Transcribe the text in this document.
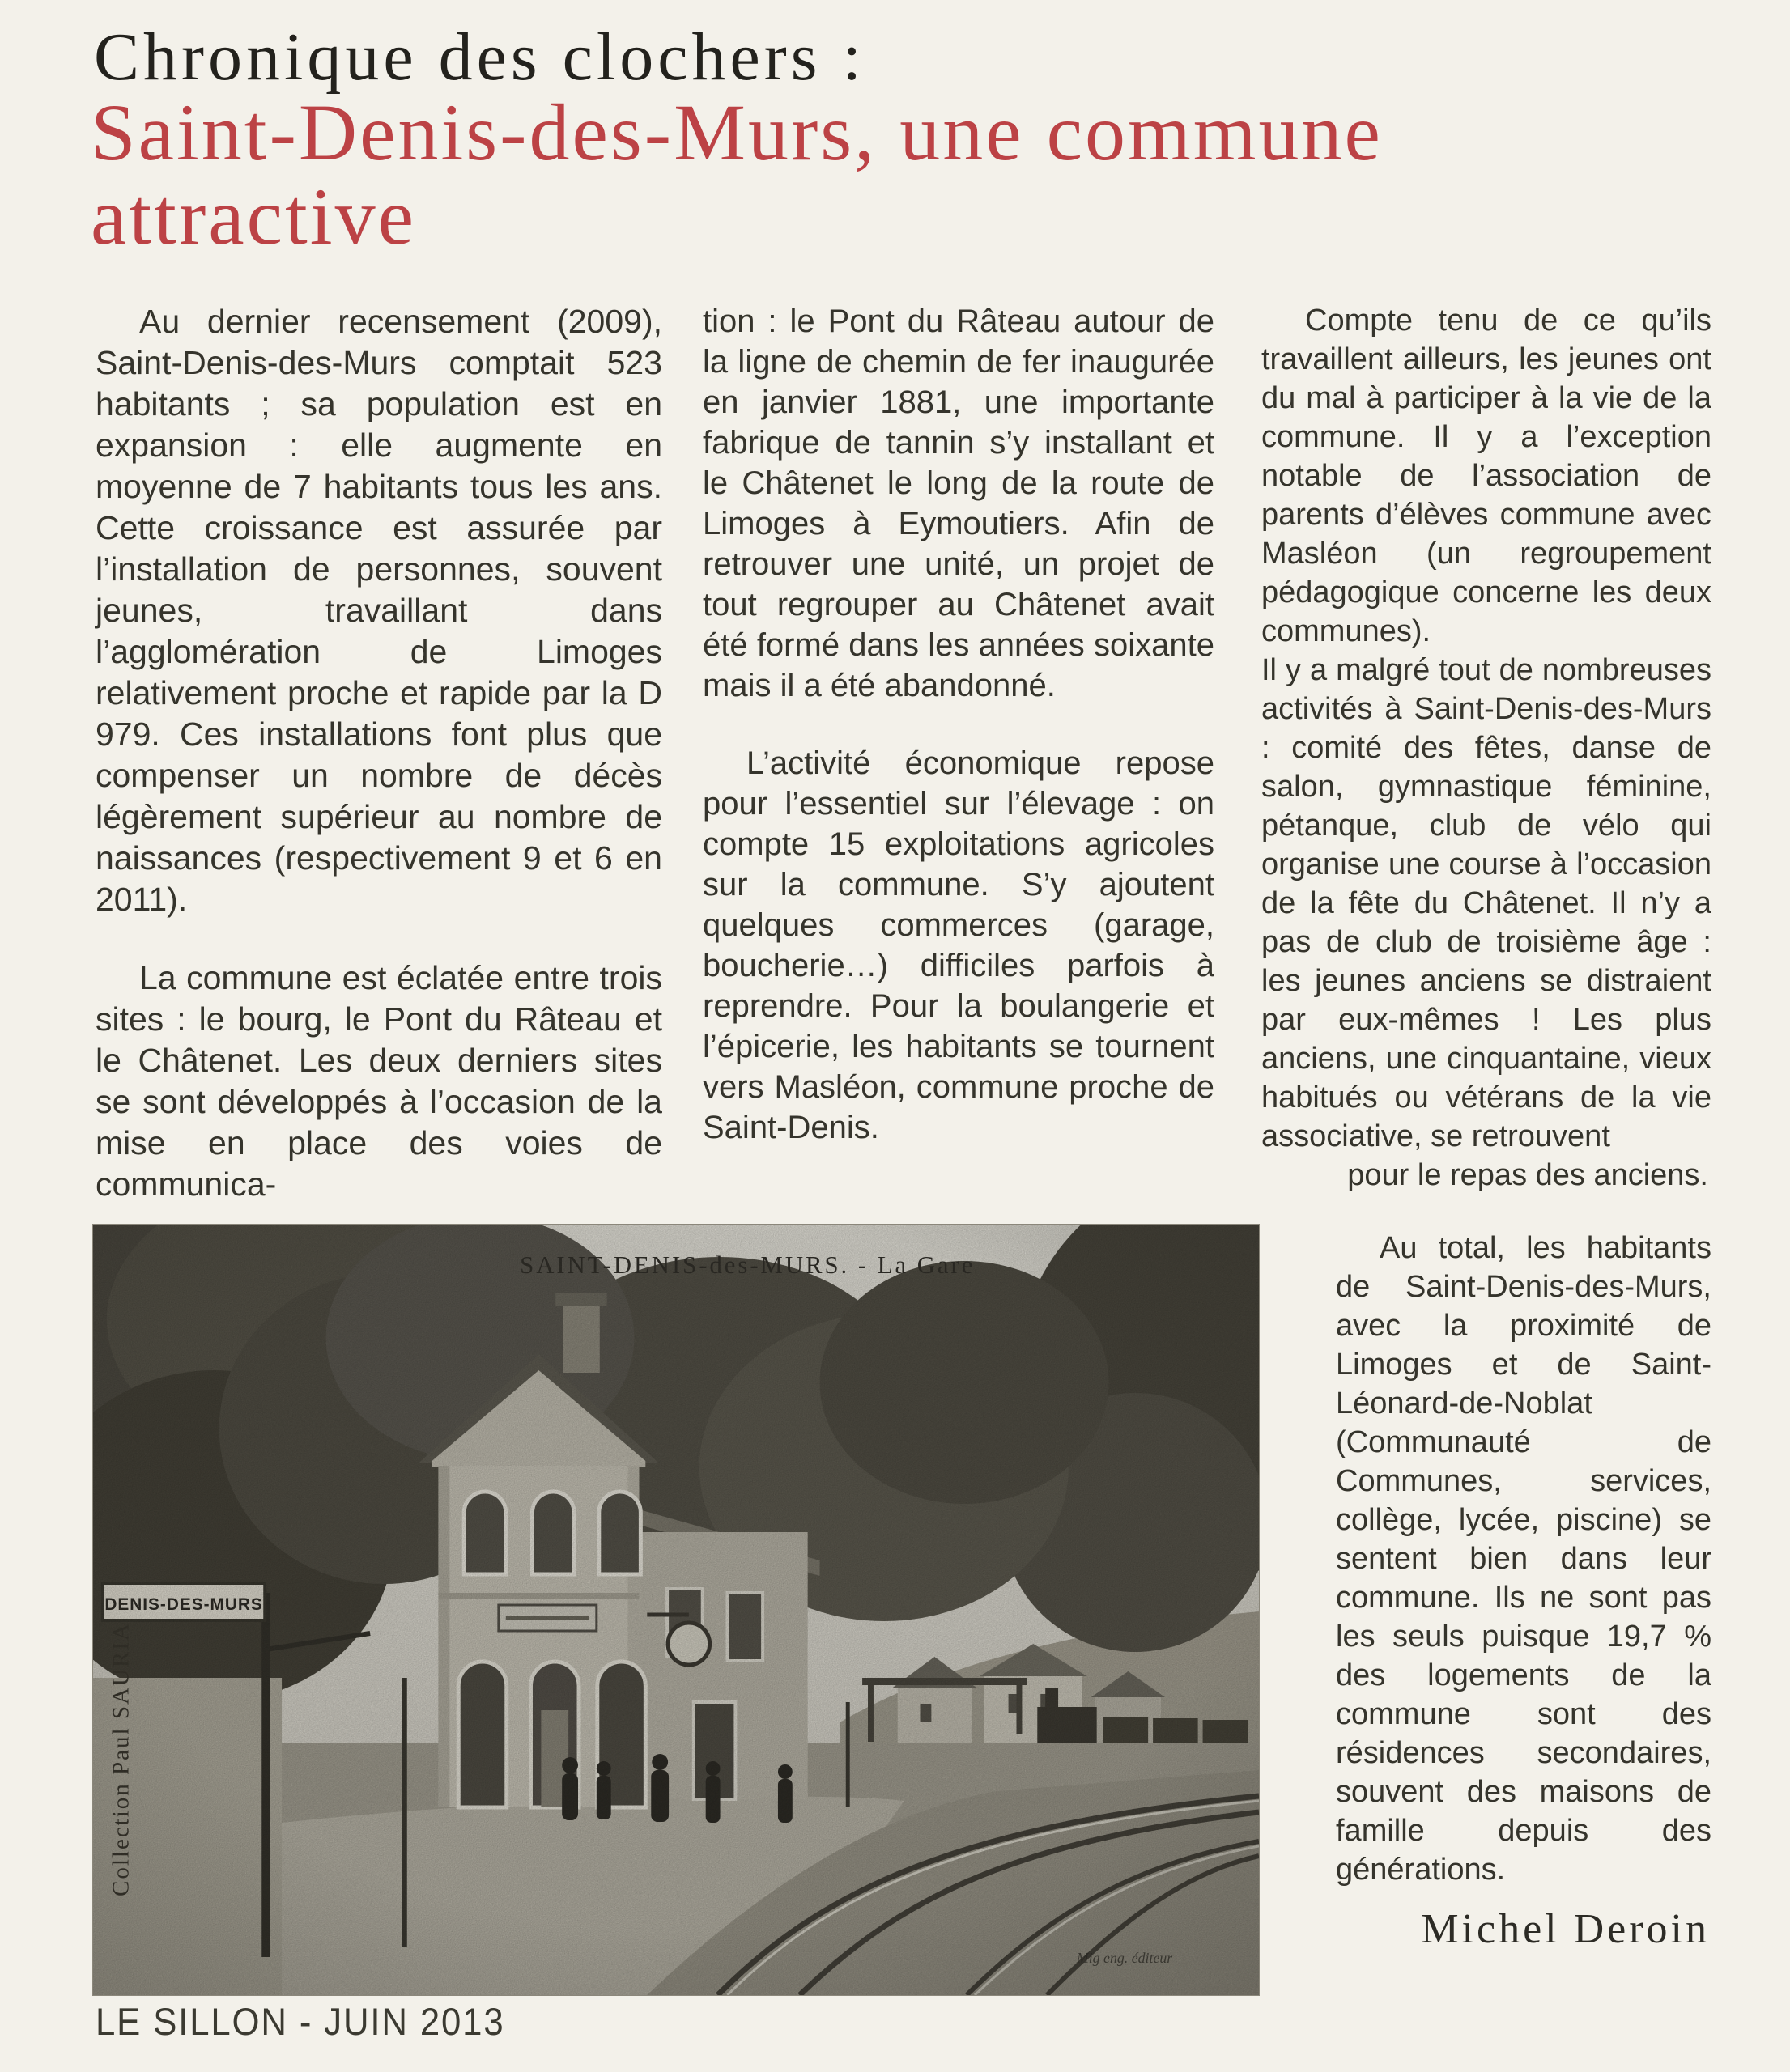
Chronique des clochers :
Saint-Denis-des-Murs, une commune attractive

Au dernier recensement (2009), Saint-Denis-des-Murs comptait 523 habitants ; sa population est en expansion : elle augmente en moyenne de 7 habitants tous les ans. Cette croissance est assurée par l’installation de personnes, souvent jeunes, travaillant dans l’agglomération de Limoges relativement proche et rapide par la D 979. Ces installations font plus que compenser un nombre de décès légèrement supérieur au nombre de naissances (respectivement 9 et 6 en 2011).

La commune est éclatée entre trois sites : le bourg, le Pont du Râteau et le Châtenet. Les deux derniers sites se sont développés à l’occasion de la mise en place des voies de communica-

tion : le Pont du Râteau autour de la ligne de chemin de fer inaugurée en janvier 1881, une importante fabrique de tannin s’y installant et le Châtenet le long de la route de Limoges à Eymoutiers. Afin de retrouver une unité, un projet de tout regrouper au Châtenet avait été formé dans les années soixante mais il a été abandonné.

L’activité économique repose pour l’essentiel sur l’élevage : on compte 15 exploitations agricoles sur la commune. S’y ajoutent quelques commerces (garage, boucherie…) difficiles parfois à reprendre. Pour la boulangerie et l’épicerie, les habitants se tournent vers Masléon, commune proche de Saint-Denis.

Compte tenu de ce qu’ils travaillent ailleurs, les jeunes ont du mal à participer à la vie de la commune. Il y a l’exception notable de l’association de parents d’élèves commune avec Masléon (un regroupement pédagogique concerne les deux communes).

Il y a malgré tout de nombreuses activités à Saint-Denis-des-Murs : comité des fêtes, danse de salon, gymnastique féminine, pétanque, club de vélo qui organise une course à l’occasion de la fête du Châtenet. Il n’y a pas de club de troisième âge : les jeunes anciens se distraient par eux-mêmes ! Les plus anciens, une cinquantaine, vieux habitués ou vétérans de la vie associative, se retrouvent

pour le repas des anciens.

Au total, les habitants de Saint-Denis-des-Murs, avec la proximité de Limoges et de Saint-Léonard-de-Noblat (Communauté de Communes, services, collège, lycée, piscine) se sentent bien dans leur commune. Ils ne sont pas les seuls puisque 19,7 % des logements de la commune sont des résidences secondaires, souvent des maisons de famille depuis des générations.

Michel Deroin
LE SILLON - JUIN 2013
